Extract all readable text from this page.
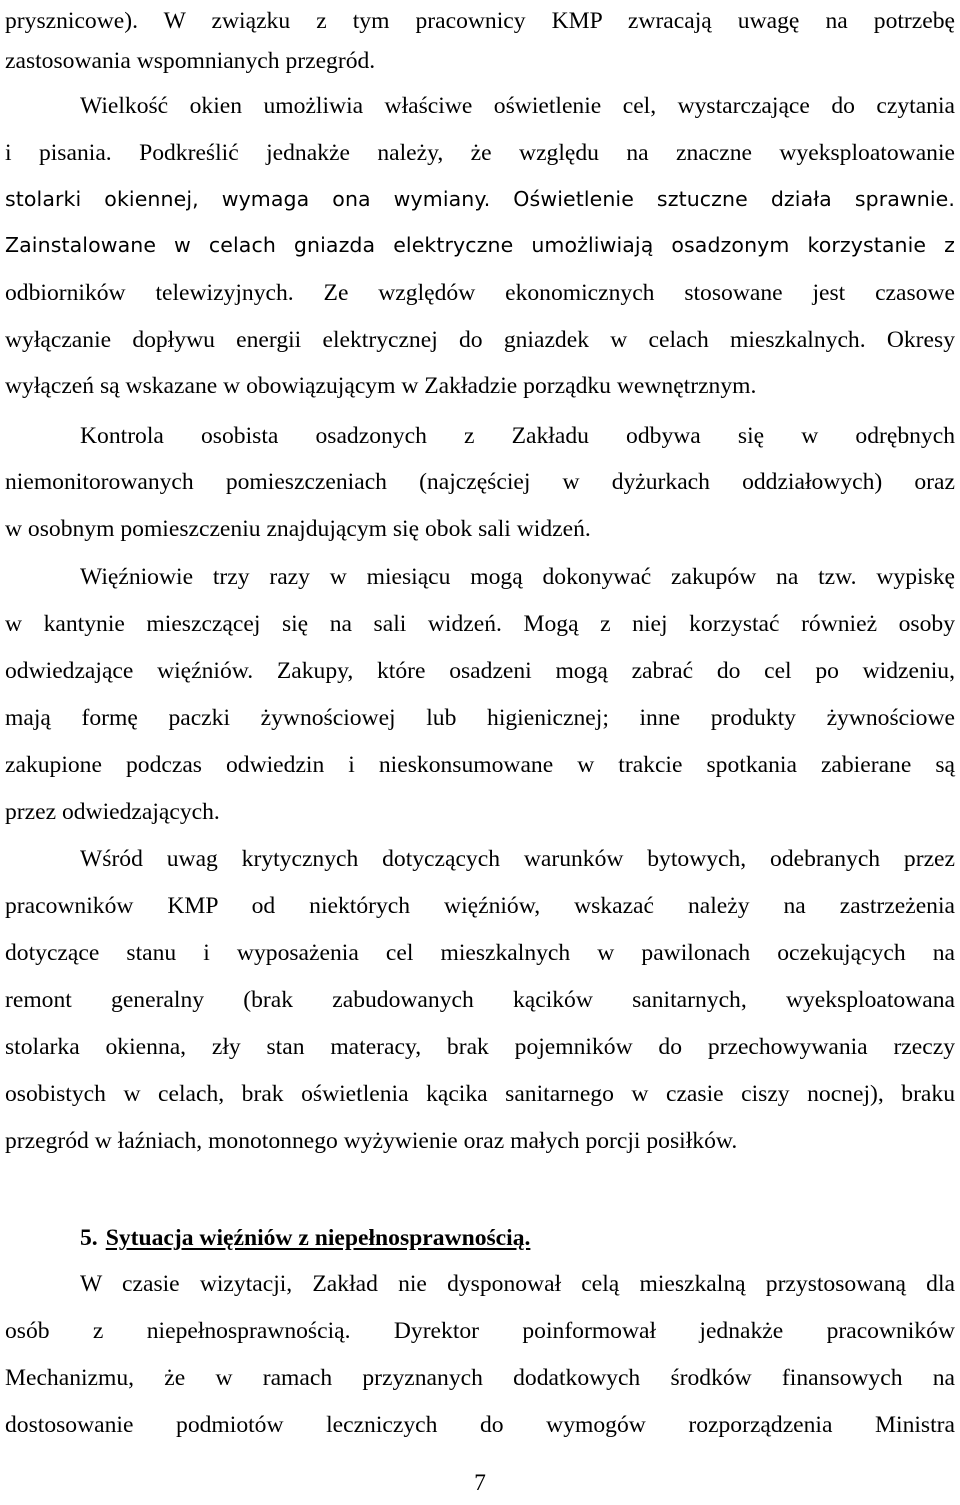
pryszniсowe). W związku z tym pracownicy KMP zwracają uwagę na potrzebę
zastosowania wspomnianych przegród.
Wielkość okien umożliwia właściwe oświetlenie cel, wystarczające do czytania
i pisania. Podkreślić jednakże należy, że względu na znaczne wyeksploatowanie
stolarki okiennej, wymaga ona wymiany. Oświetlenie sztuczne działa sprawnie.
Zainstalowane w celach gniazda elektryczne umożliwiają osadzonym korzystanie z
odbiorników telewizyjnych. Ze względów ekonomicznych stosowane jest czasowe
wyłączanie dopływu energii elektrycznej do gniazdek w celach mieszkalnych. Okresy
wyłączeń są wskazane w obowiązującym w Zakładzie porządku wewnętrznym.
Kontrola osobista osadzonych z Zakładu odbywa się w odrębnych
niemonitorowanych pomieszczeniach (najczęściej w dyżurkach oddziałowych) oraz
w osobnym pomieszczeniu znajdującym się obok sali widzeń.
Więźniowie trzy razy w miesiącu mogą dokonywać zakupów na tzw. wypiskę
w kantynie mieszczącej się na sali widzeń. Mogą z niej korzystać również osoby
odwiedzające więźniów. Zakupy, które osadzeni mogą zabrać do cel po widzeniu,
mają formę paczki żywnościowej lub higienicznej; inne produkty żywnościowe
zakupione podczas odwiedzin i nieskonsumowane w trakcie spotkania zabierane są
przez odwiedzających.
Wśród uwag krytycznych dotyczących warunków bytowych, odebranych przez
pracowników KMP od niektórych więźniów, wskazać należy na zastrzeżenia
dotyczące stanu i wyposażenia cel mieszkalnych w pawilonach oczekujących na
remont generalny (brak zabudowanych kącików sanitarnych, wyeksploatowana
stolarka okienna, zły stan materacy, brak pojemników do przechowywania rzeczy
osobistych w celach, brak oświetlenia kącika sanitarnego w czasie ciszy nocnej), braku
przegród w łaźniach, monotonnego wyżywienie oraz małych porcji posiłków.
5. Sytuacja więźniów z niepełnosprawnością.
W czasie wizytacji, Zakład nie dysponował celą mieszkalną przystosowaną dla
osób z niepełnosprawnością. Dyrektor poinformował jednakże pracowników
Mechanizmu, że w ramach przyznanych dodatkowych środków finansowych na
dostosowanie podmiotów leczniczych do wymogów rozporządzenia Ministra
7
